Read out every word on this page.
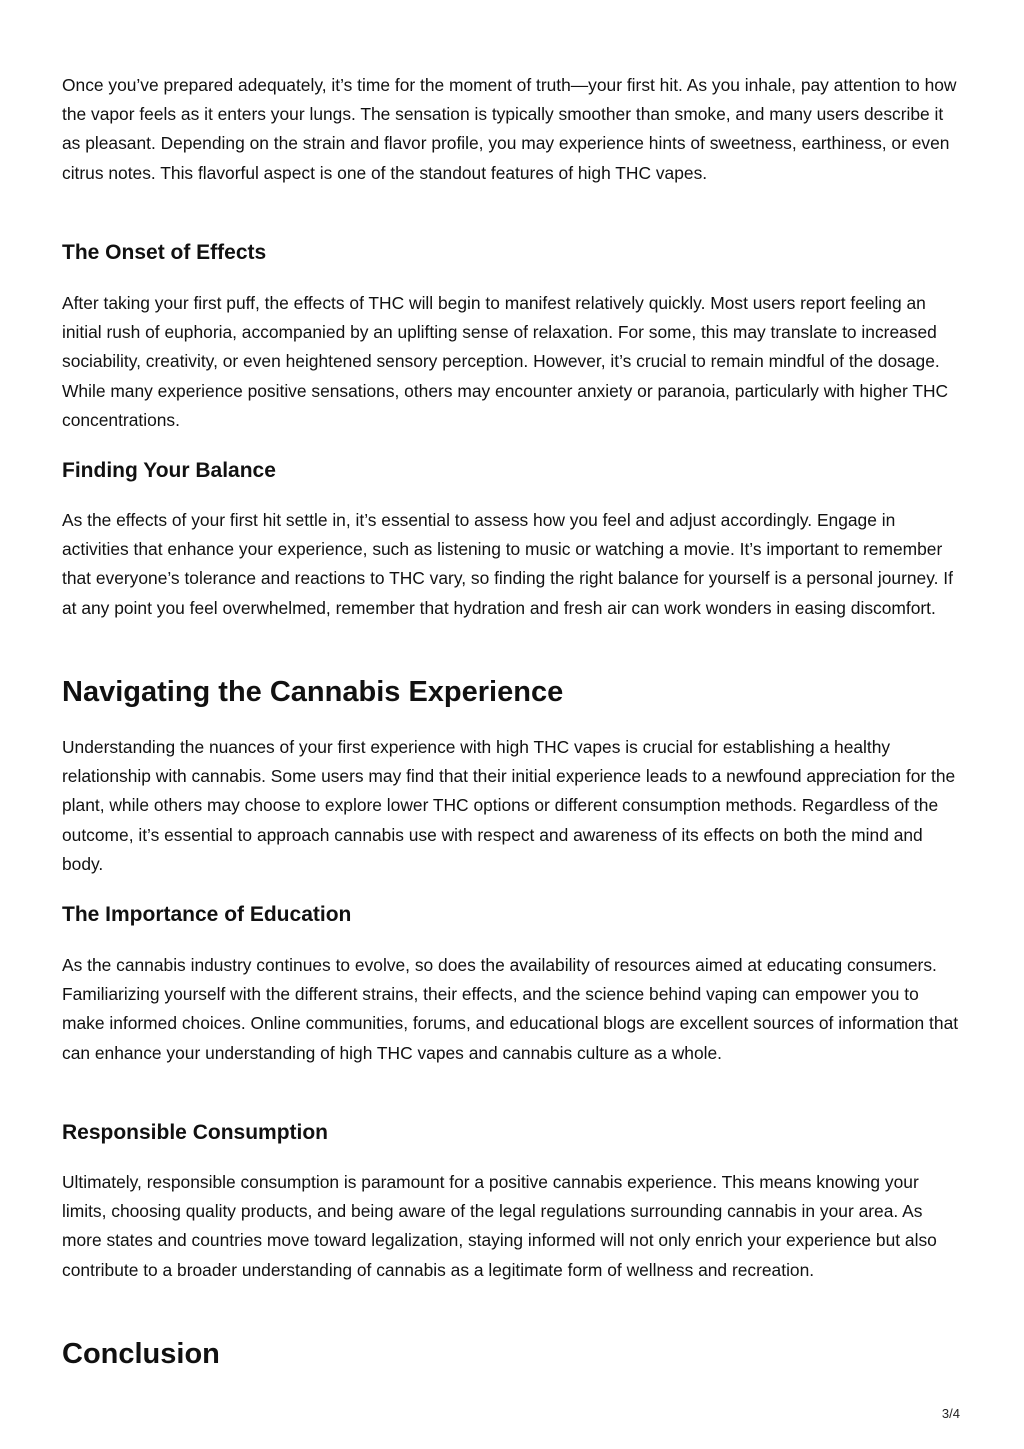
Once you’ve prepared adequately, it’s time for the moment of truth—your first hit. As you inhale, pay attention to how the vapor feels as it enters your lungs. The sensation is typically smoother than smoke, and many users describe it as pleasant. Depending on the strain and flavor profile, you may experience hints of sweetness, earthiness, or even citrus notes. This flavorful aspect is one of the standout features of high THC vapes.

The Onset of Effects

After taking your first puff, the effects of THC will begin to manifest relatively quickly. Most users report feeling an initial rush of euphoria, accompanied by an uplifting sense of relaxation. For some, this may translate to increased sociability, creativity, or even heightened sensory perception. However, it’s crucial to remain mindful of the dosage. While many experience positive sensations, others may encounter anxiety or paranoia, particularly with higher THC concentrations.

Finding Your Balance

As the effects of your first hit settle in, it’s essential to assess how you feel and adjust accordingly. Engage in activities that enhance your experience, such as listening to music or watching a movie. It’s important to remember that everyone’s tolerance and reactions to THC vary, so finding the right balance for yourself is a personal journey. If at any point you feel overwhelmed, remember that hydration and fresh air can work wonders in easing discomfort.

Navigating the Cannabis Experience

Understanding the nuances of your first experience with high THC vapes is crucial for establishing a healthy relationship with cannabis. Some users may find that their initial experience leads to a newfound appreciation for the plant, while others may choose to explore lower THC options or different consumption methods. Regardless of the outcome, it’s essential to approach cannabis use with respect and awareness of its effects on both the mind and body.

The Importance of Education

As the cannabis industry continues to evolve, so does the availability of resources aimed at educating consumers. Familiarizing yourself with the different strains, their effects, and the science behind vaping can empower you to make informed choices. Online communities, forums, and educational blogs are excellent sources of information that can enhance your understanding of high THC vapes and cannabis culture as a whole.

Responsible Consumption

Ultimately, responsible consumption is paramount for a positive cannabis experience. This means knowing your limits, choosing quality products, and being aware of the legal regulations surrounding cannabis in your area. As more states and countries move toward legalization, staying informed will not only enrich your experience but also contribute to a broader understanding of cannabis as a legitimate form of wellness and recreation.

Conclusion
3/4
